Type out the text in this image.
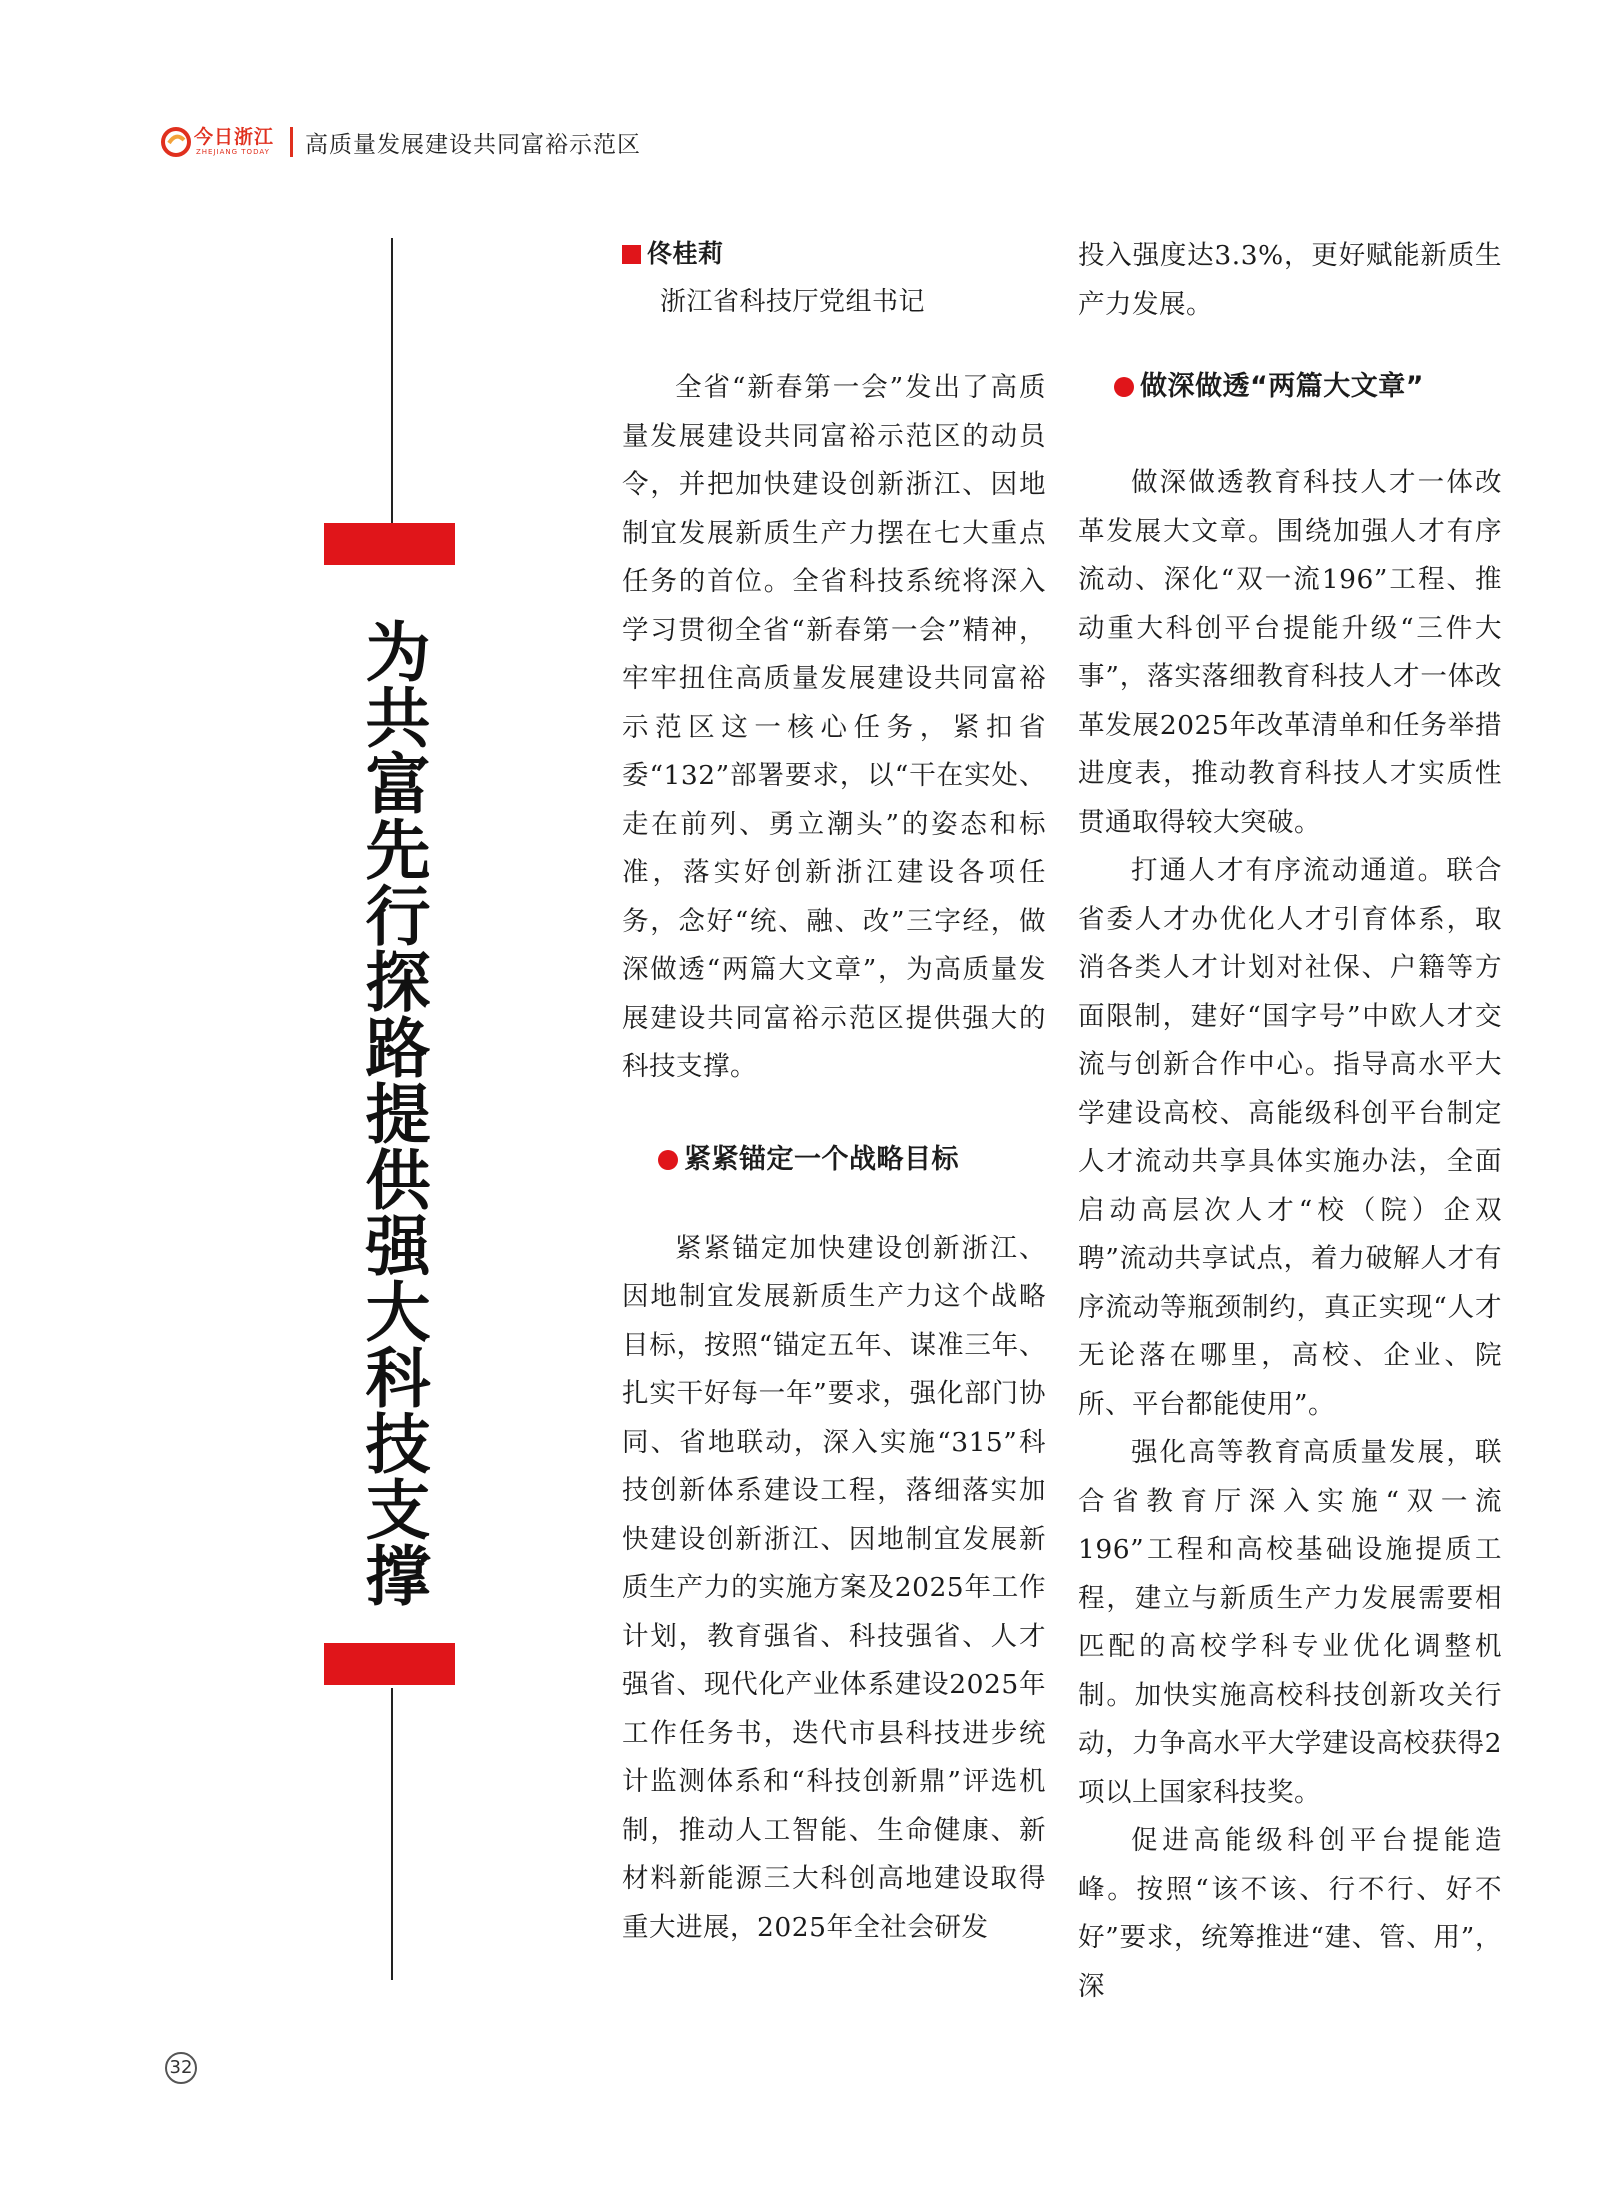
今日浙江
ZHEJIANG TODAY 高质量发展建设共同富裕示范区
为共富先行探路提供强大科技支撑
佟桂莉
浙江省科技厅党组书记

全省“新春第一会”发出了高质量发展建设共同富裕示范区的动员令，并把加快建设创新浙江、因地制宜发展新质生产力摆在七大重点任务的首位。全省科技系统将深入学习贯彻全省“新春第一会”精神，牢牢扭住高质量发展建设共同富裕示范区这一核心任务，紧扣省委“132”部署要求，以“干在实处、走在前列、勇立潮头”的姿态和标准，落实好创新浙江建设各项任务，念好“统、融、改”三字经，做深做透“两篇大文章”，为高质量发展建设共同富裕示范区提供强大的科技支撑。

紧紧锚定一个战略目标

紧紧锚定加快建设创新浙江、因地制宜发展新质生产力这个战略目标，按照“锚定五年、谋准三年、扎实干好每一年”要求，强化部门协同、省地联动，深入实施“315”科技创新体系建设工程，落细落实加快建设创新浙江、因地制宜发展新质生产力的实施方案及2025年工作计划，教育强省、科技强省、人才强省、现代化产业体系建设2025年工作任务书，迭代市县科技进步统计监测体系和“科技创新鼎”评选机制，推动人工智能、生命健康、新材料新能源三大科创高地建设取得重大进展，2025年全社会研发

投入强度达3.3%，更好赋能新质生产力发展。

做深做透“两篇大文章”

做深做透教育科技人才一体改革发展大文章。围绕加强人才有序流动、深化“双一流196”工程、推动重大科创平台提能升级“三件大事”，落实落细教育科技人才一体改革发展2025年改革清单和任务举措进度表，推动教育科技人才实质性贯通取得较大突破。

打通人才有序流动通道。联合省委人才办优化人才引育体系，取消各类人才计划对社保、户籍等方面限制，建好“国字号”中欧人才交流与创新合作中心。指导高水平大学建设高校、高能级科创平台制定人才流动共享具体实施办法，全面启动高层次人才“校（院）企双聘”流动共享试点，着力破解人才有序流动等瓶颈制约，真正实现“人才无论落在哪里，高校、企业、院所、平台都能使用”。

强化高等教育高质量发展，联合省教育厅深入实施“双一流196”工程和高校基础设施提质工程，建立与新质生产力发展需要相匹配的高校学科专业优化调整机制。加快实施高校科技创新攻关行动，力争高水平大学建设高校获得2项以上国家科技奖。

促进高能级科创平台提能造峰。按照“该不该、行不行、好不好”要求，统筹推进“建、管、用”，深

32
